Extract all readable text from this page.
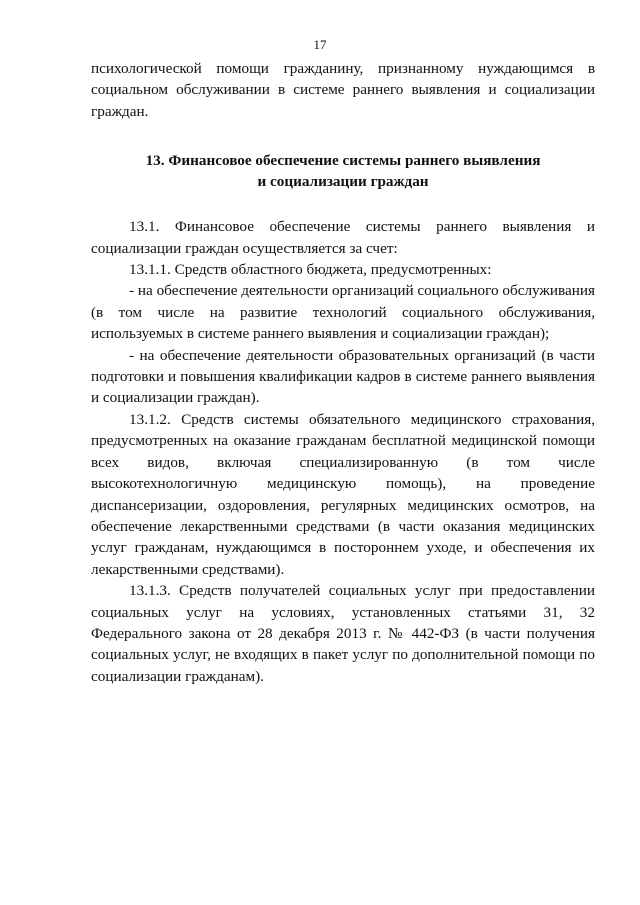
17

психологической помощи гражданину, признанному нуждающимся в социальном обслуживании в системе раннего выявления и социализации граждан.

13. Финансовое обеспечение системы раннего выявления
и социализации граждан

13.1. Финансовое обеспечение системы раннего выявления и социализации граждан осуществляется за счет:

13.1.1. Средств областного бюджета, предусмотренных:

- на обеспечение деятельности организаций социального обслуживания (в том числе на развитие технологий социального обслуживания, используемых в системе раннего выявления и социализации граждан);

- на обеспечение деятельности образовательных организаций (в части подготовки и повышения квалификации кадров в системе раннего выявления и социализации граждан).

13.1.2. Средств системы обязательного медицинского страхования, предусмотренных на оказание гражданам бесплатной медицинской помощи всех видов, включая специализированную (в том числе высокотехнологичную медицинскую помощь), на проведение диспансеризации, оздоровления, регулярных медицинских осмотров, на обеспечение лекарственными средствами (в части оказания медицинских услуг гражданам, нуждающимся в постороннем уходе, и обеспечения их лекарственными средствами).

13.1.3. Средств получателей социальных услуг при предоставлении социальных услуг на условиях, установленных статьями 31, 32 Федерального закона от 28 декабря 2013 г. № 442-ФЗ (в части получения социальных услуг, не входящих в пакет услуг по дополнительной помощи по социализации гражданам).
